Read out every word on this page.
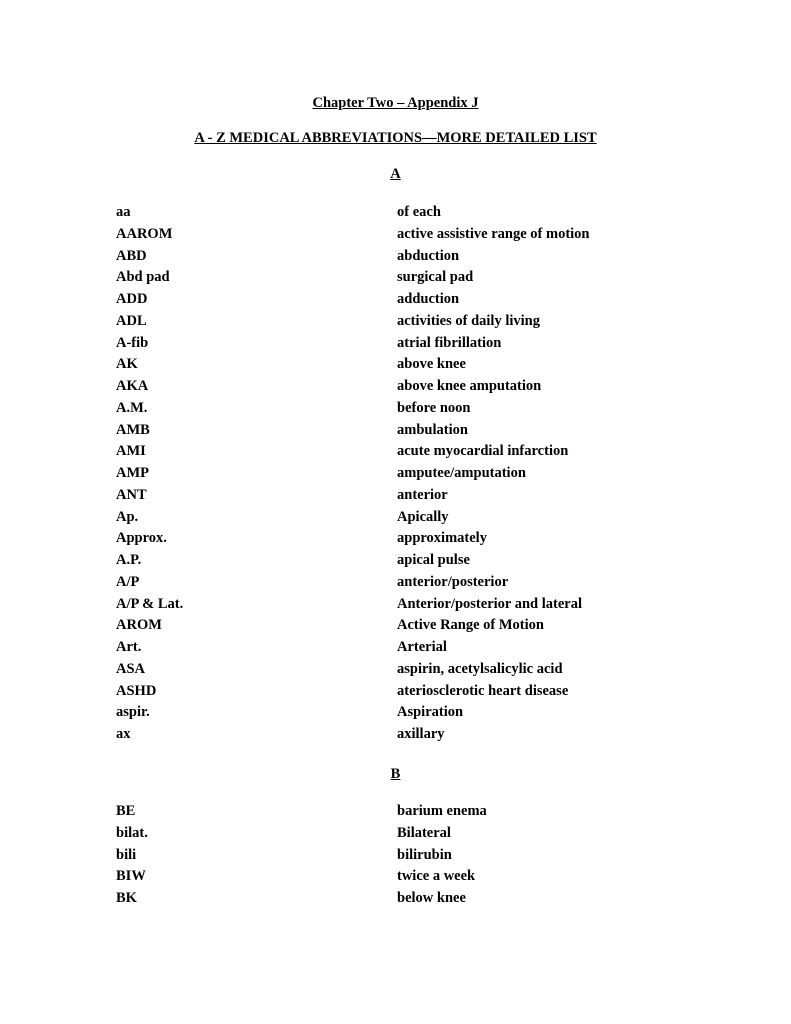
Chapter Two – Appendix J
A - Z MEDICAL ABBREVIATIONS—MORE DETAILED LIST
A
aa	of each
AAROM	active assistive range of motion
ABD	abduction
Abd pad	surgical pad
ADD	adduction
ADL	activities of daily living
A-fib	atrial fibrillation
AK	above knee
AKA	above knee amputation
A.M.	before noon
AMB	ambulation
AMI	acute myocardial infarction
AMP	amputee/amputation
ANT	anterior
Ap.	Apically
Approx.	approximately
A.P.	apical pulse
A/P	anterior/posterior
A/P & Lat.	Anterior/posterior and lateral
AROM	Active Range of Motion
Art.	Arterial
ASA	aspirin, acetylsalicylic acid
ASHD	ateriosclerotic heart disease
aspir.	Aspiration
ax	axillary
B
BE	barium enema
bilat.	Bilateral
bili	bilirubin
BIW	twice a week
BK	below knee
